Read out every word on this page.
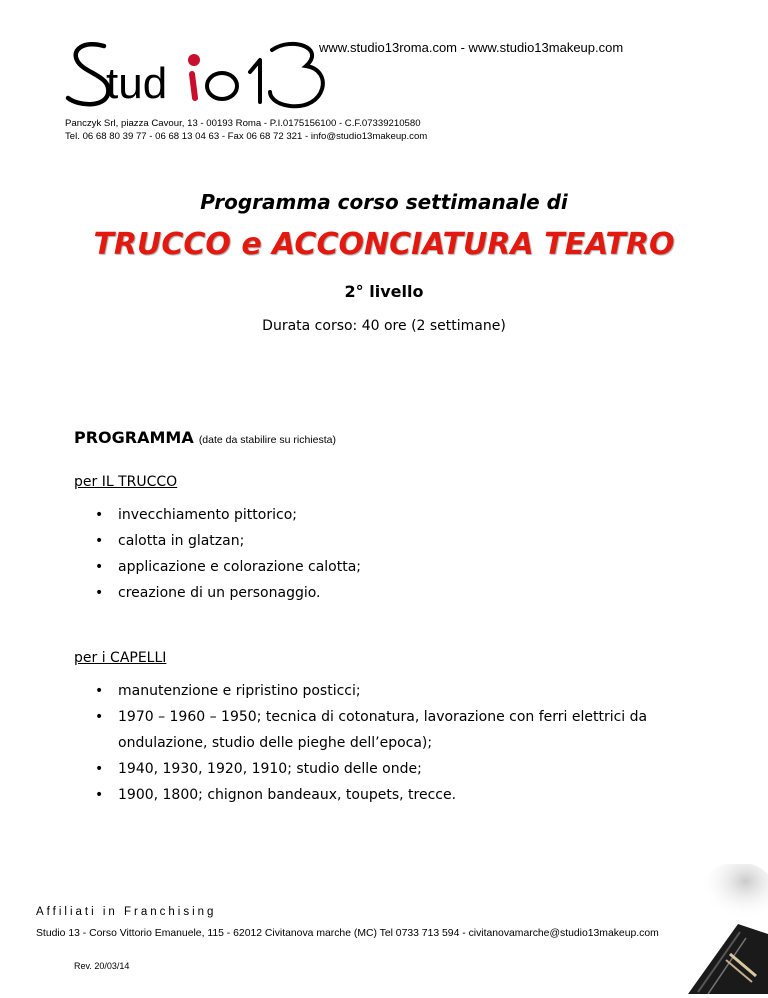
tud
www.studio13roma.com - www.studio13makeup.com
Panczyk Srl, piazza Cavour, 13 - 00193 Roma - P.I.0175156100 - C.F.07339210580
Tel. 06 68 80 39 77 - 06 68 13 04 63 - Fax 06 68 72 321 - info@studio13makeup.com
Programma corso settimanale di
TRUCCO e ACCONCIATURA TEATRO
2° livello
Durata corso: 40 ore (2 settimane)
PROGRAMMA (date da stabilire su richiesta)
per IL TRUCCO
• invecchiamento pittorico;
• calotta in glatzan;
• applicazione e colorazione calotta;
• creazione di un personaggio.
per i CAPELLI
• manutenzione e ripristino posticci;
• 1970 – 1960 – 1950; tecnica di cotonatura, lavorazione con ferri elettrici da ondulazione, studio delle pieghe dell’epoca);
• 1940, 1930, 1920, 1910; studio delle onde;
• 1900, 1800; chignon bandeaux, toupets, trecce.
Affiliati in Franchising
Studio 13 - Corso Vittorio Emanuele, 115 - 62012 Civitanova marche (MC) Tel 0733 713 594 - civitanovamarche@studio13makeup.com
Rev. 20/03/14
